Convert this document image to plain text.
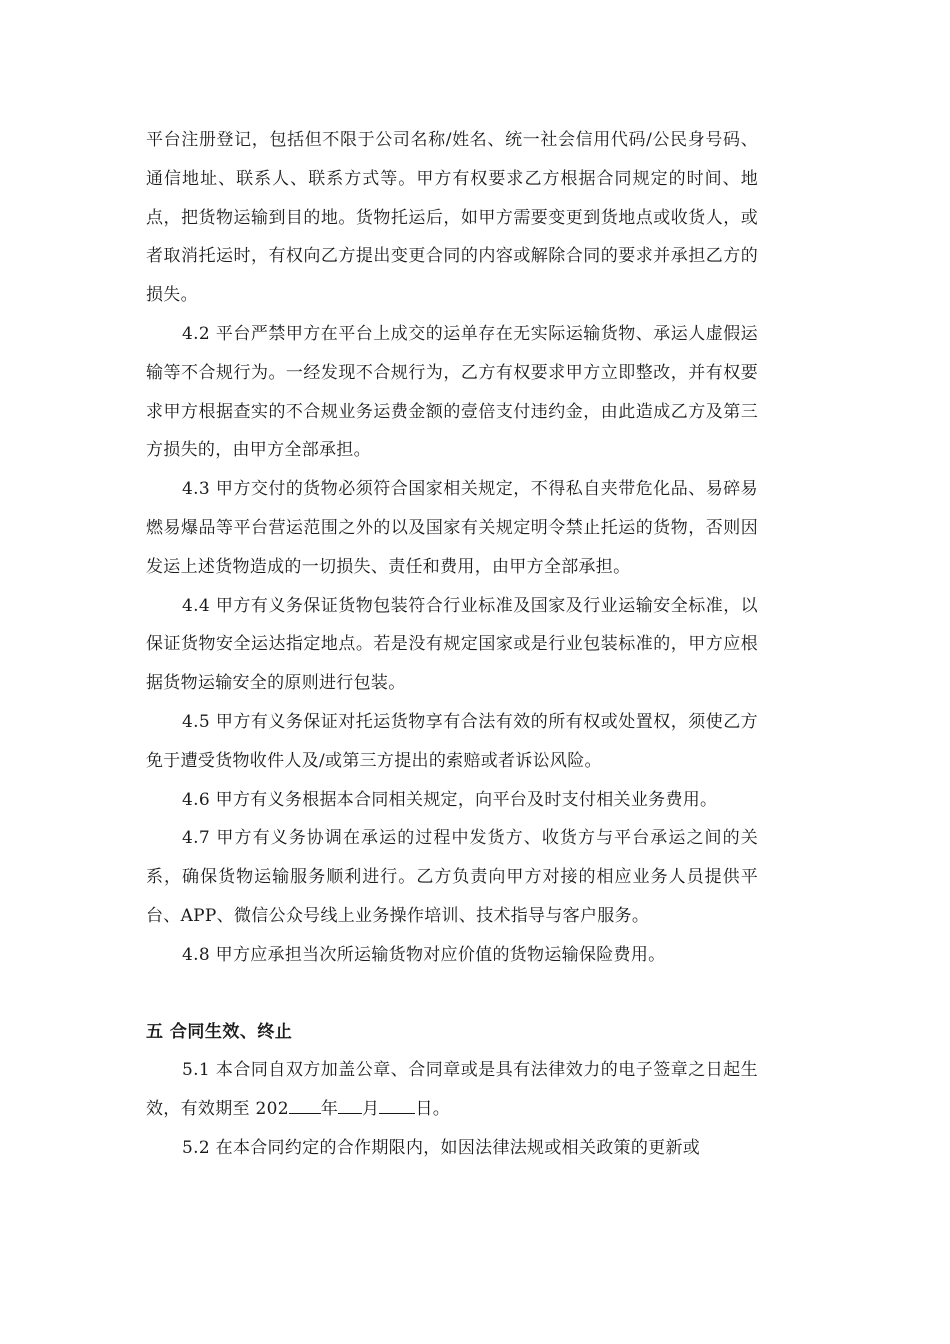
平台注册登记，包括但不限于公司名称/姓名、统一社会信用代码/公民身号码、通信地址、联系人、联系方式等。甲方有权要求乙方根据合同规定的时间、地点，把货物运输到目的地。货物托运后，如甲方需要变更到货地点或收货人，或者取消托运时，有权向乙方提出变更合同的内容或解除合同的要求并承担乙方的损失。

4.2 平台严禁甲方在平台上成交的运单存在无实际运输货物、承运人虚假运输等不合规行为。一经发现不合规行为，乙方有权要求甲方立即整改，并有权要求甲方根据查实的不合规业务运费金额的壹倍支付违约金，由此造成乙方及第三方损失的，由甲方全部承担。

4.3 甲方交付的货物必须符合国家相关规定，不得私自夹带危化品、易碎易燃易爆品等平台营运范围之外的以及国家有关规定明令禁止托运的货物，否则因发运上述货物造成的一切损失、责任和费用，由甲方全部承担。

4.4 甲方有义务保证货物包装符合行业标准及国家及行业运输安全标准，以保证货物安全运达指定地点。若是没有规定国家或是行业包装标准的，甲方应根据货物运输安全的原则进行包装。

4.5 甲方有义务保证对托运货物享有合法有效的所有权或处置权，须使乙方免于遭受货物收件人及/或第三方提出的索赔或者诉讼风险。

4.6 甲方有义务根据本合同相关规定，向平台及时支付相关业务费用。

4.7 甲方有义务协调在承运的过程中发货方、收货方与平台承运之间的关系，确保货物运输服务顺利进行。乙方负责向甲方对接的相应业务人员提供平台、APP、微信公众号线上业务操作培训、技术指导与客户服务。

4.8 甲方应承担当次所运输货物对应价值的货物运输保险费用。

五 合同生效、终止

5.1 本合同自双方加盖公章、合同章或是具有法律效力的电子签章之日起生效，有效期至 202 年 月 日。

5.2 在本合同约定的合作期限内，如因法律法规或相关政策的更新或
